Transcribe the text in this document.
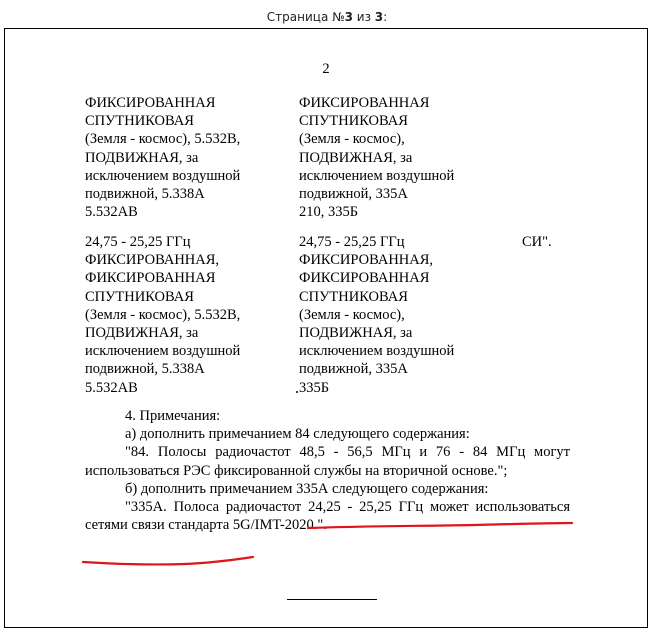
Страница №3 из 3:
2
ФИКСИРОВАННАЯ
СПУТНИКОВАЯ
(Земля - космос), 5.532В,
ПОДВИЖНАЯ, за
исключением воздушной
подвижной, 5.338А
5.532АВ
ФИКСИРОВАННАЯ
СПУТНИКОВАЯ
(Земля - космос),
ПОДВИЖНАЯ, за
исключением воздушной
подвижной, 335А
210, 335Б
24,75 - 25,25 ГГц
ФИКСИРОВАННАЯ,
ФИКСИРОВАННАЯ
СПУТНИКОВАЯ
(Земля - космос), 5.532В,
ПОДВИЖНАЯ, за
исключением воздушной
подвижной, 5.338А
5.532АВ
24,75 - 25,25 ГГц
ФИКСИРОВАННАЯ,
ФИКСИРОВАННАЯ
СПУТНИКОВАЯ
(Земля - космос),
ПОДВИЖНАЯ, за
исключением воздушной
подвижной, 335А
335Б
СИ".

4. Примечания:

а) дополнить примечанием 84 следующего содержания:

"84. Полосы радиочастот 48,5 - 56,5 МГц и 76 - 84 МГц могут

использоваться РЭС фиксированной службы на вторичной основе.";

б) дополнить примечанием 335А следующего содержания:

"335А. Полоса радиочастот 24,25 - 25,25 ГГц может использоваться

сетями связи стандарта 5G/IMT-2020.".
